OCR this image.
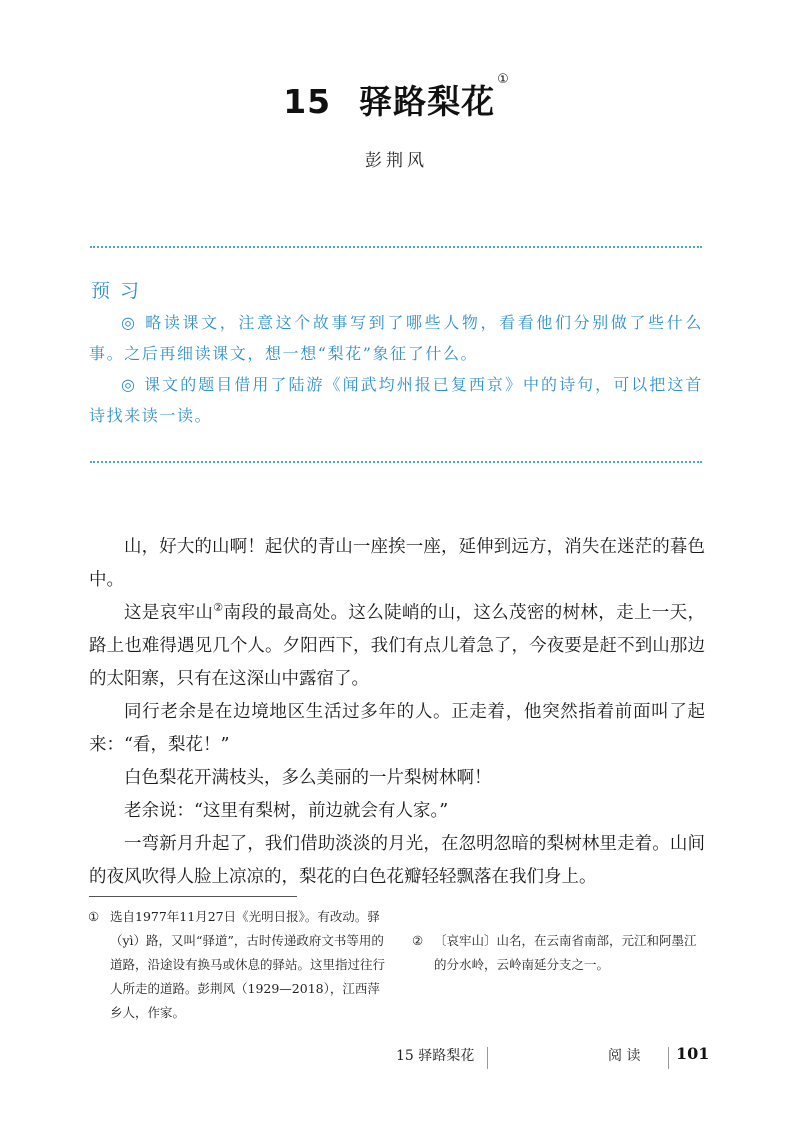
15 驿路梨花①
彭荆风
预习

◎ 略读课文，注意这个故事写到了哪些人物，看看他们分别做了些什么事。之后再细读课文，想一想“梨花”象征了什么。

◎ 课文的题目借用了陆游《闻武均州报已复西京》中的诗句，可以把这首诗找来读一读。

山，好大的山啊！起伏的青山一座挨一座，延伸到远方，消失在迷茫的暮色中。

这是哀牢山②南段的最高处。这么陡峭的山，这么茂密的树林，走上一天，路上也难得遇见几个人。夕阳西下，我们有点儿着急了，今夜要是赶不到山那边的太阳寨，只有在这深山中露宿了。

同行老余是在边境地区生活过多年的人。正走着，他突然指着前面叫了起来：“看，梨花！”

白色梨花开满枝头，多么美丽的一片梨树林啊！

老余说：“这里有梨树，前边就会有人家。”

一弯新月升起了，我们借助淡淡的月光，在忽明忽暗的梨树林里走着。山间的夜风吹得人脸上凉凉的，梨花的白色花瓣轻轻飘落在我们身上。

① 选自1977年11月27日《光明日报》。有改动。驿（yì）路，又叫“驿道”，古时传递政府文书等用的道路，沿途设有换马或休息的驿站。这里指过往行人所走的道路。彭荆风（1929—2018），江西萍乡人，作家。
② 〔哀牢山〕山名，在云南省南部，元江和阿墨江的分水岭，云岭南延分支之一。
15 驿路梨花	阅 读 101
